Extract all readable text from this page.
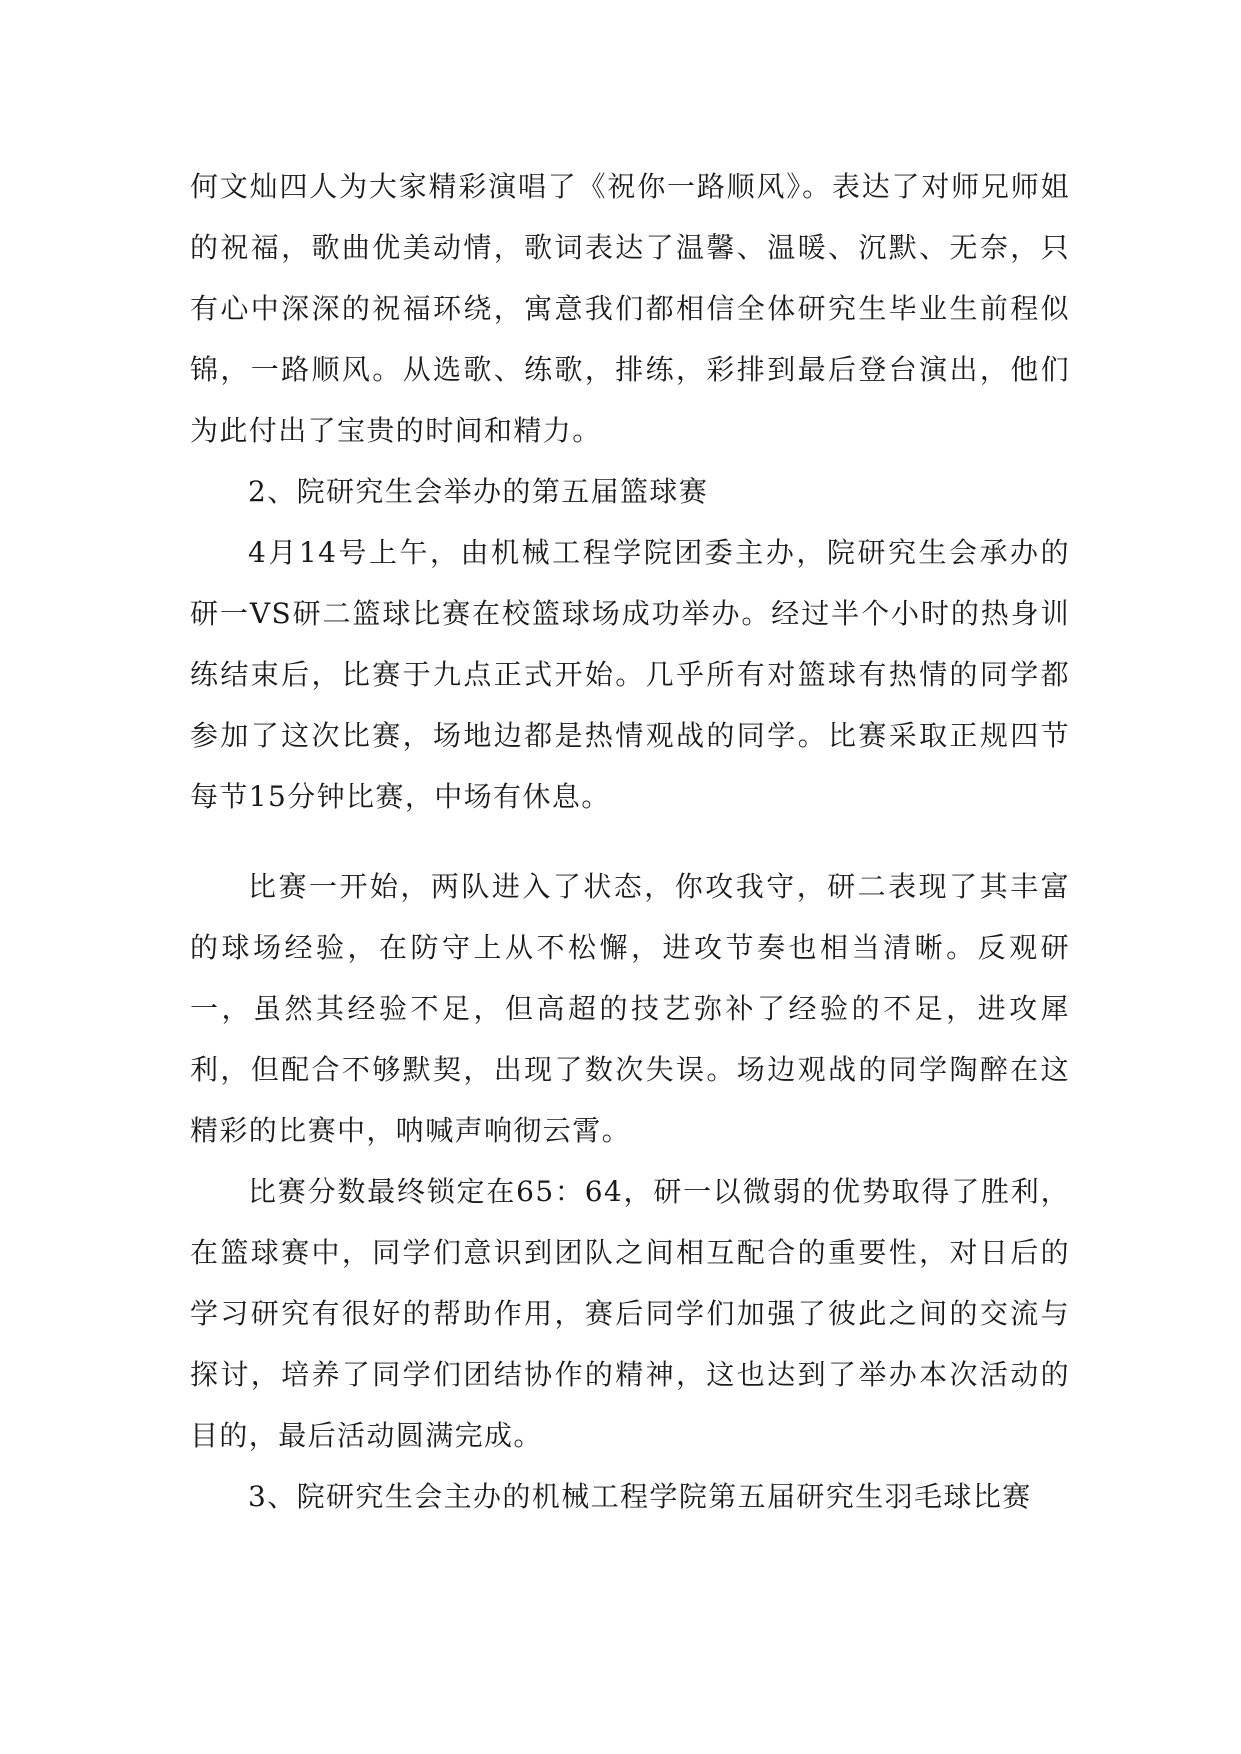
何文灿四人为大家精彩演唱了《祝你一路顺风》。表达了对师兄师姐的祝福，歌曲优美动情，歌词表达了温馨、温暖、沉默、无奈，只有心中深深的祝福环绕，寓意我们都相信全体研究生毕业生前程似锦，一路顺风。从选歌、练歌，排练，彩排到最后登台演出，他们为此付出了宝贵的时间和精力。

2、院研究生会举办的第五届篮球赛

4月14号上午，由机械工程学院团委主办，院研究生会承办的研一VS研二篮球比赛在校篮球场成功举办。经过半个小时的热身训练结束后，比赛于九点正式开始。几乎所有对篮球有热情的同学都参加了这次比赛，场地边都是热情观战的同学。比赛采取正规四节每节15分钟比赛，中场有休息。

比赛一开始，两队进入了状态，你攻我守，研二表现了其丰富的球场经验，在防守上从不松懈，进攻节奏也相当清晰。反观研一，虽然其经验不足，但高超的技艺弥补了经验的不足，进攻犀利，但配合不够默契，出现了数次失误。场边观战的同学陶醉在这精彩的比赛中，呐喊声响彻云霄。

比赛分数最终锁定在65：64，研一以微弱的优势取得了胜利，在篮球赛中，同学们意识到团队之间相互配合的重要性，对日后的学习研究有很好的帮助作用，赛后同学们加强了彼此之间的交流与探讨，培养了同学们团结协作的精神，这也达到了举办本次活动的目的，最后活动圆满完成。

3、院研究生会主办的机械工程学院第五届研究生羽毛球比赛
